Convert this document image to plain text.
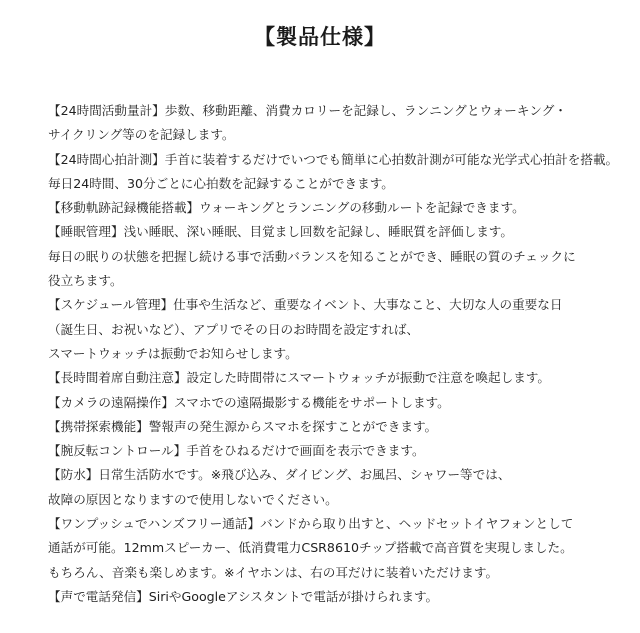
【製品仕様】
【24時間活動量計】歩数、移動距離、消費カロリーを記録し、ランニングとウォーキング・
サイクリング等のを記録します。
【24時間心拍計測】手首に装着するだけでいつでも簡単に心拍数計測が可能な光学式心拍計を搭載。
毎日24時間、30分ごとに心拍数を記録することができます。
【移動軌跡記録機能搭載】ウォーキングとランニングの移動ルートを記録できます。
【睡眠管理】浅い睡眠、深い睡眠、目覚まし回数を記録し、睡眠質を評価します。
毎日の眠りの状態を把握し続ける事で活動バランスを知ることができ、睡眠の質のチェックに
役立ちます。
【スケジュール管理】仕事や生活など、重要なイベント、大事なこと、大切な人の重要な日
（誕生日、お祝いなど）、アプリでその日のお時間を設定すれば、
スマートウォッチは振動でお知らせします。
【長時間着席自動注意】設定した時間帯にスマートウォッチが振動で注意を喚起します。
【カメラの遠隔操作】スマホでの遠隔撮影する機能をサポートします。
【携帯探索機能】警報声の発生源からスマホを探すことができます。
【腕反転コントロール】手首をひねるだけで画面を表示できます。
【防水】日常生活防水です。※飛び込み、ダイビング、お風呂、シャワー等では、
故障の原因となりますので使用しないでください。
【ワンプッシュでハンズフリー通話】バンドから取り出すと、ヘッドセットイヤフォンとして
通話が可能。12mmスピーカー、低消費電力CSR8610チップ搭載で高音質を実現しました。
もちろん、音楽も楽しめます。※イヤホンは、右の耳だけに装着いただけます。
【声で電話発信】SiriやGoogleアシスタントで電話が掛けられます。
